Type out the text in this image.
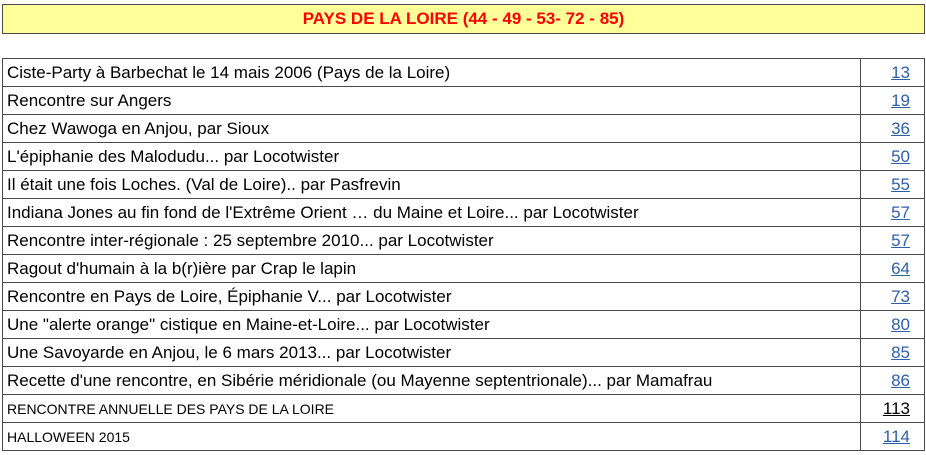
PAYS DE LA LOIRE (44 - 49 - 53- 72 - 85)	

Ciste-Party à Barbechat le 14 mais 2006 (Pays de la Loire)	13
Rencontre sur Angers	19
Chez Wawoga en Anjou, par Sioux	36
L'épiphanie des Malodudu... par Locotwister	50
Il était une fois Loches. (Val de Loire).. par Pasfrevin	55
Indiana Jones au fin fond de l'Extrême Orient … du Maine et Loire... par Locotwister	57
Rencontre inter-régionale : 25 septembre 2010... par Locotwister	57
Ragout d'humain à la b(r)ière par Crap le lapin	64
Rencontre en Pays de Loire, Épiphanie V... par Locotwister	73
Une "alerte orange" cistique en Maine-et-Loire... par Locotwister	80
Une Savoyarde en Anjou, le 6 mars 2013... par Locotwister	85
Recette d'une rencontre, en Sibérie méridionale (ou Mayenne septentrionale)... par Mamafrau	86
RENCONTRE ANNUELLE DES PAYS DE LA LOIRE	113
HALLOWEEN 2015	114
